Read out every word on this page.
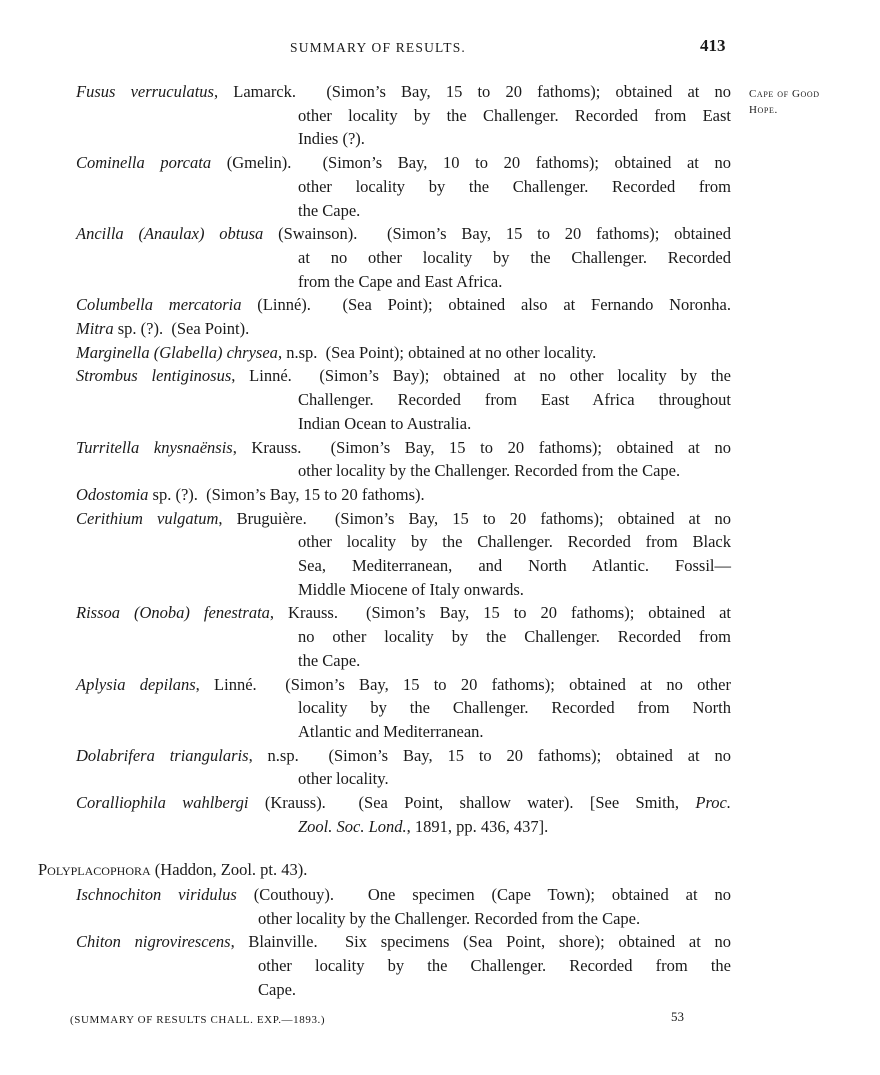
SUMMARY OF RESULTS.	413
Cape of Good
Hope.
Fusus verruculatus, Lamarck. (Simon’s Bay, 15 to 20 fathoms); obtained at no
other locality by the Challenger. Recorded from East
Indies (?).
Cominella porcata (Gmelin). (Simon’s Bay, 10 to 20 fathoms); obtained at no
other locality by the Challenger. Recorded from
the Cape.
Ancilla (Anaulax) obtusa (Swainson). (Simon’s Bay, 15 to 20 fathoms); obtained
at no other locality by the Challenger. Recorded
from the Cape and East Africa.
Columbella mercatoria (Linné). (Sea Point); obtained also at Fernando Noronha.
Mitra sp. (?). (Sea Point).
Marginella (Glabella) chrysea, n.sp. (Sea Point); obtained at no other locality.
Strombus lentiginosus, Linné. (Simon’s Bay); obtained at no other locality by the
Challenger. Recorded from East Africa throughout
Indian Ocean to Australia.
Turritella knysnaënsis, Krauss. (Simon’s Bay, 15 to 20 fathoms); obtained at no
other locality by the Challenger. Recorded from the Cape.
Odostomia sp. (?). (Simon’s Bay, 15 to 20 fathoms).
Cerithium vulgatum, Bruguière. (Simon’s Bay, 15 to 20 fathoms); obtained at no
other locality by the Challenger. Recorded from Black
Sea, Mediterranean, and North Atlantic. Fossil—
Middle Miocene of Italy onwards.
Rissoa (Onoba) fenestrata, Krauss. (Simon’s Bay, 15 to 20 fathoms); obtained at
no other locality by the Challenger. Recorded from
the Cape.
Aplysia depilans, Linné. (Simon’s Bay, 15 to 20 fathoms); obtained at no other
locality by the Challenger. Recorded from North
Atlantic and Mediterranean.
Dolabrifera triangularis, n.sp. (Simon’s Bay, 15 to 20 fathoms); obtained at no
other locality.
Coralliophila wahlbergi (Krauss). (Sea Point, shallow water). [See Smith, Proc.
Zool. Soc. Lond., 1891, pp. 436, 437].
Polyplacophora (Haddon, Zool. pt. 43).
Ischnochiton viridulus (Couthouy). One specimen (Cape Town); obtained at no
other locality by the Challenger. Recorded from the Cape.
Chiton nigrovirescens, Blainville. Six specimens (Sea Point, shore); obtained at no
other locality by the Challenger. Recorded from the
Cape.
(SUMMARY OF RESULTS CHALL. EXP.—1893.)	53
